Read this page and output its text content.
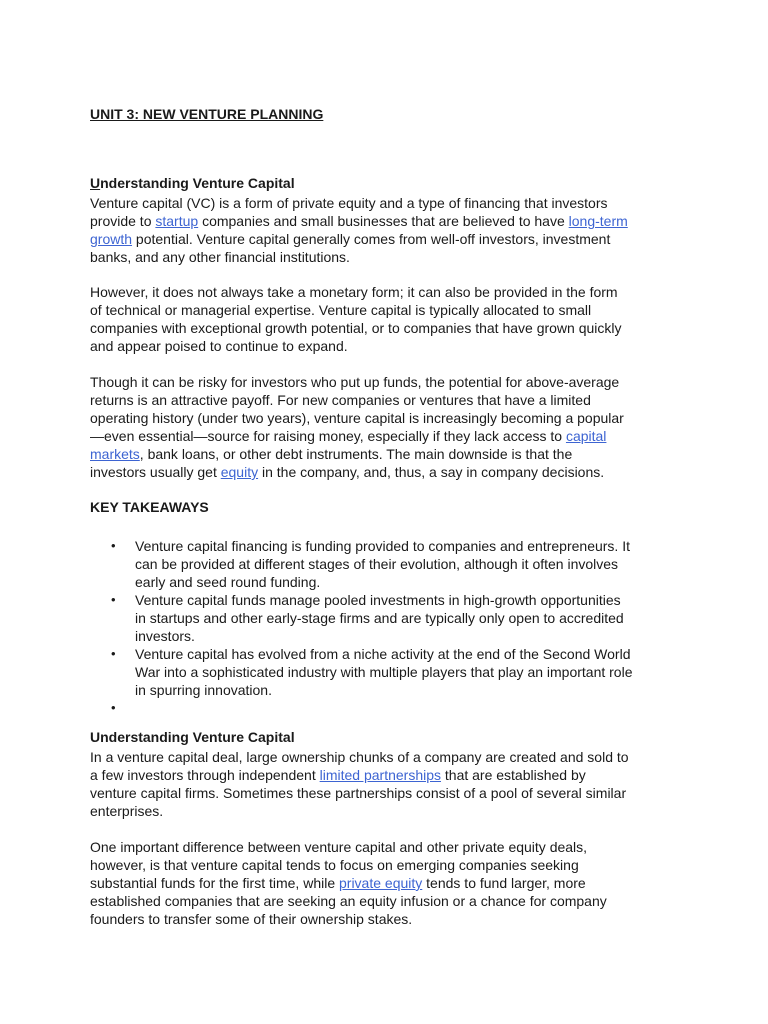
UNIT 3: NEW VENTURE PLANNING
Understanding Venture Capital

Venture capital (VC) is a form of private equity and a type of financing that investors
provide to startup companies and small businesses that are believed to have long-term
growth potential. Venture capital generally comes from well-off investors, investment
banks, and any other financial institutions.

However, it does not always take a monetary form; it can also be provided in the form
of technical or managerial expertise. Venture capital is typically allocated to small
companies with exceptional growth potential, or to companies that have grown quickly
and appear poised to continue to expand.

Though it can be risky for investors who put up funds, the potential for above-average
returns is an attractive payoff. For new companies or ventures that have a limited
operating history (under two years), venture capital is increasingly becoming a popular
—even essential—source for raising money, especially if they lack access to capital
markets, bank loans, or other debt instruments. The main downside is that the
investors usually get equity in the company, and, thus, a say in company decisions.

KEY TAKEAWAYS
• Venture capital financing is funding provided to companies and entrepreneurs. It
can be provided at different stages of their evolution, although it often involves
early and seed round funding.
• Venture capital funds manage pooled investments in high-growth opportunities
in startups and other early-stage firms and are typically only open to accredited
investors.
• Venture capital has evolved from a niche activity at the end of the Second World
War into a sophisticated industry with multiple players that play an important role
in spurring innovation.
•

Understanding Venture Capital

In a venture capital deal, large ownership chunks of a company are created and sold to
a few investors through independent limited partnerships that are established by
venture capital firms. Sometimes these partnerships consist of a pool of several similar
enterprises.

One important difference between venture capital and other private equity deals,
however, is that venture capital tends to focus on emerging companies seeking
substantial funds for the first time, while private equity tends to fund larger, more
established companies that are seeking an equity infusion or a chance for company
founders to transfer some of their ownership stakes.
